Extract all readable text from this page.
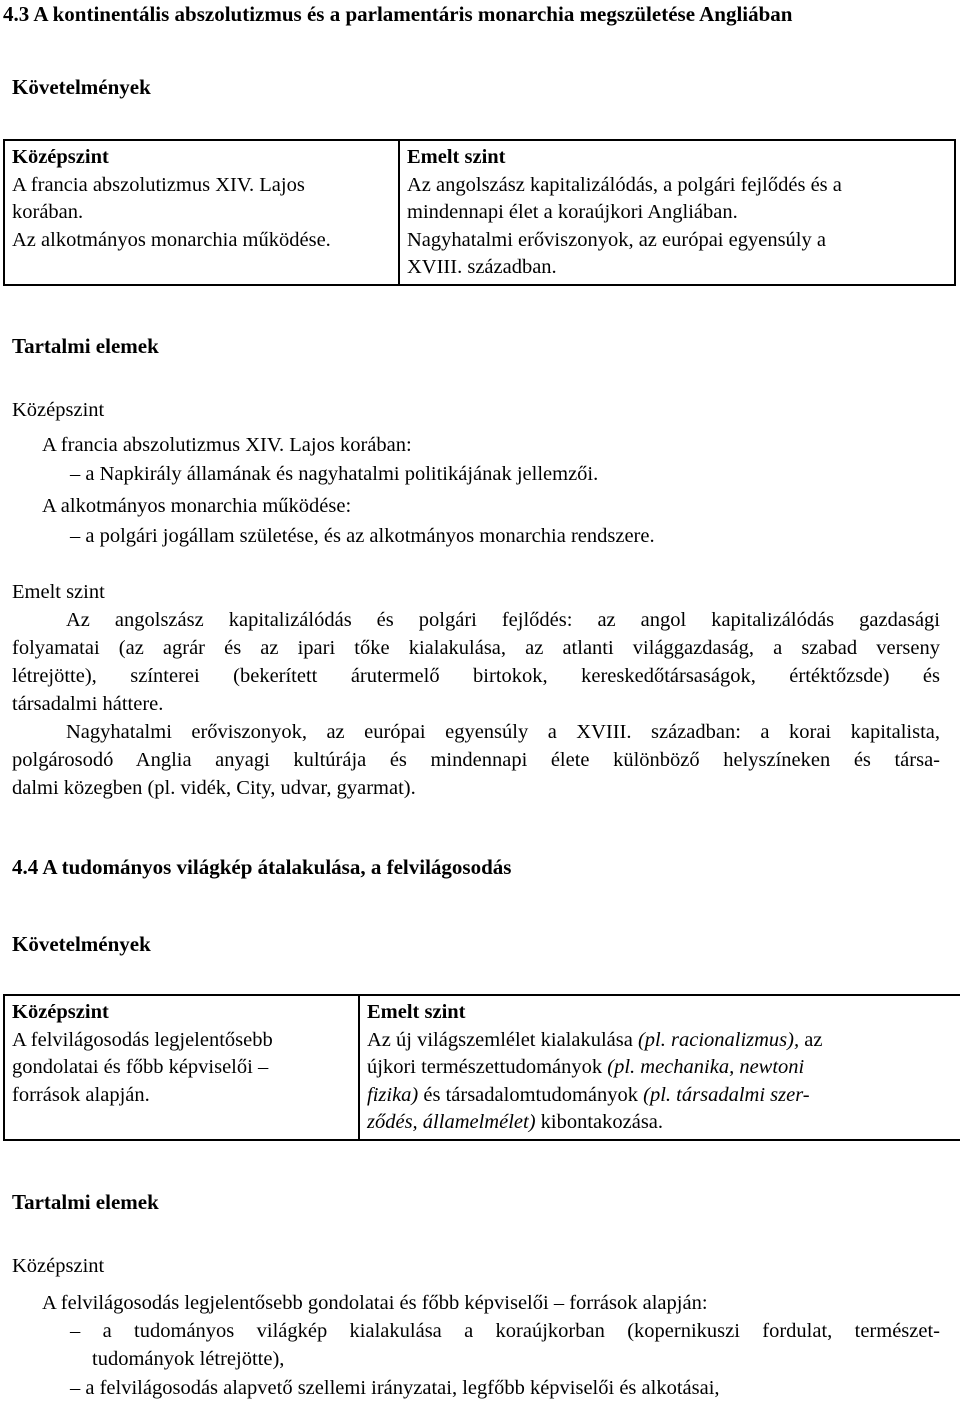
4.3 A kontinentális abszolutizmus és a parlamentáris monarchia megszületése Angliában
Követelmények
Középszint
A francia abszolutizmus XIV. Lajos
korában.
Az alkotmányos monarchia működése.

Emelt szint
Az angolszász kapitalizálódás, a polgári fejlődés és a
mindennapi élet a koraújkori Angliában.
Nagyhatalmi erőviszonyok, az európai egyensúly a
XVIII. században.
Tartalmi elemek
Középszint
A francia abszolutizmus XIV. Lajos korában:
– a Napkirály államának és nagyhatalmi politikájának jellemzői.
A alkotmányos monarchia működése:
– a polgári jogállam születése, és az alkotmányos monarchia rendszere.
Emelt szint
Az angolszász kapitalizálódás és polgári fejlődés: az angol kapitalizálódás gazdasági
folyamatai (az agrár és az ipari tőke kialakulása, az atlanti világgazdaság, a szabad verseny
létrejötte), színterei (bekerített árutermelő birtokok, kereskedőtársaságok, értéktőzsde) és
társadalmi háttere.
Nagyhatalmi erőviszonyok, az európai egyensúly a XVIII. században: a korai kapitalista,
polgárosodó Anglia anyagi kultúrája és mindennapi élete különböző helyszíneken és társa-
dalmi közegben (pl. vidék, City, udvar, gyarmat).
4.4 A tudományos világkép átalakulása, a felvilágosodás
Követelmények
Középszint
A felvilágosodás legjelentősebb
gondolatai és főbb képviselői –
források alapján.

Emelt szint
Az új világszemlélet kialakulása (pl. racionalizmus), az
újkori természettudományok (pl. mechanika, newtoni
fizika) és társadalomtudományok (pl. társadalmi szer-
ződés, államelmélet) kibontakozása.
Tartalmi elemek
Középszint
A felvilágosodás legjelentősebb gondolatai és főbb képviselői – források alapján:
– a tudományos világkép kialakulása a koraújkorban (kopernikuszi fordulat, természet-
tudományok létrejötte),
– a felvilágosodás alapvető szellemi irányzatai, legfőbb képviselői és alkotásai,
